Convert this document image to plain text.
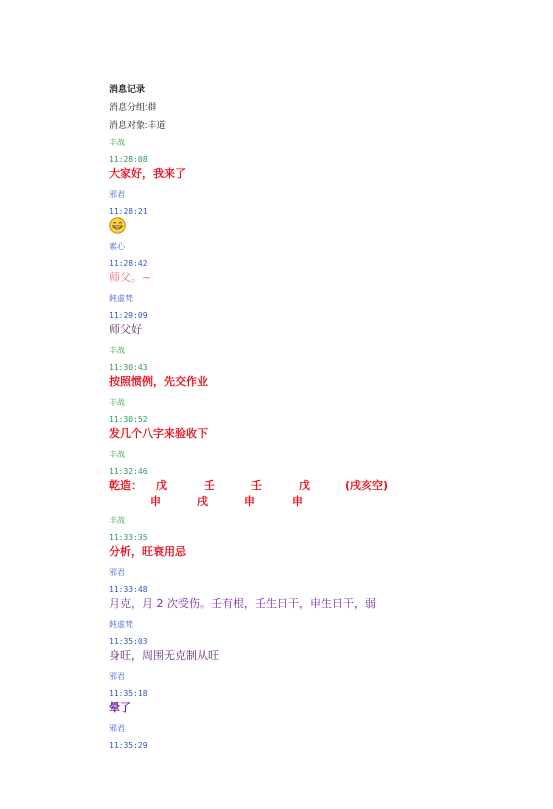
消息记录
消息分组:群
消息对象:丰道
丰战
11:28:08
大家好，我来了
邪君
11:28:21
素心
11:28:42
师父。~
鈍虚梵
11:29:09
师父好
丰战
11:30:43
按照惯例，先交作业
丰战
11:30:52
发几个八字来验收下
丰战
11:32:46
乾造： 戊	壬	壬	戊	(戌亥空)
申	戌	申	申
丰战
11:33:35
分析，旺衰用忌
邪君
11:33:48
月克，月 2 次受伤。壬有根，壬生日干，申生日干，弱
鈍虚梵
11:35:03
身旺，周围无克制从旺
邪君
11:35:18
晕了
邪君
11:35:29
